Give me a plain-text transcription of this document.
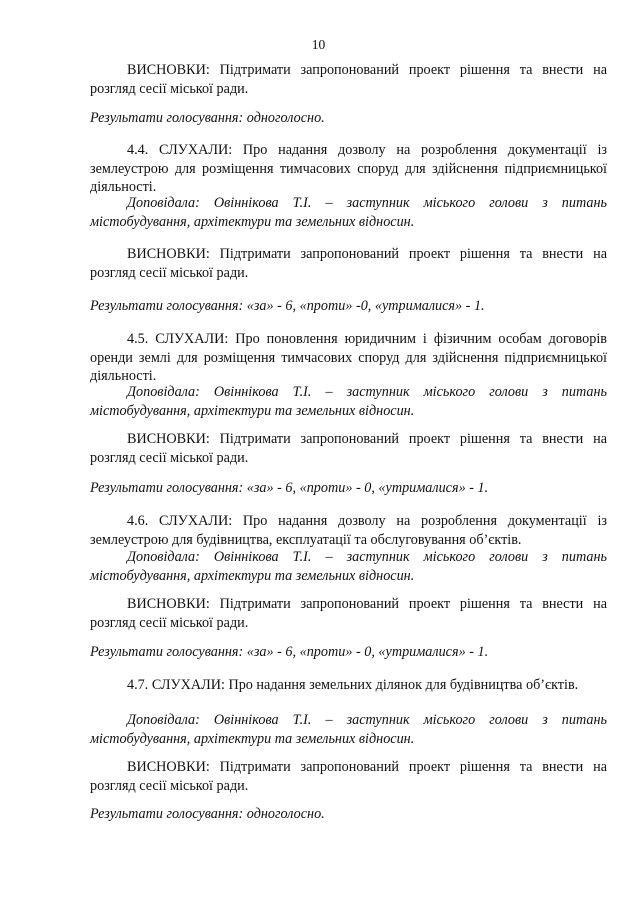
10

ВИСНОВКИ: Підтримати запропонований проект рішення та внести на розгляд сесії міської ради.

Результати голосування: одноголосно.

4.4. СЛУХАЛИ: Про надання дозволу на розроблення документації із землеустрою для розміщення тимчасових споруд для здійснення підприємницької діяльності.

Доповідала: Овіннікова Т.І. – заступник міського голови з питань містобудування, архітектури та земельних відносин.

ВИСНОВКИ: Підтримати запропонований проект рішення та внести на розгляд сесії міської ради.

Результати голосування: «за» - 6, «проти» -0, «утрималися» - 1.

4.5. СЛУХАЛИ: Про поновлення юридичним і фізичним особам договорів оренди землі для розміщення тимчасових споруд для здійснення підприємницької діяльності.

Доповідала: Овіннікова Т.І. – заступник міського голови з питань містобудування, архітектури та земельних відносин.

ВИСНОВКИ: Підтримати запропонований проект рішення та внести на розгляд сесії міської ради.

Результати голосування: «за» - 6, «проти» - 0, «утрималися» - 1.

4.6. СЛУХАЛИ: Про надання дозволу на розроблення документації із землеустрою для будівництва, експлуатації та обслуговування об’єктів.

Доповідала: Овіннікова Т.І. – заступник міського голови з питань містобудування, архітектури та земельних відносин.

ВИСНОВКИ: Підтримати запропонований проект рішення та внести на розгляд сесії міської ради.

Результати голосування: «за» - 6, «проти» - 0, «утрималися» - 1.

4.7. СЛУХАЛИ: Про надання земельних ділянок для будівництва об’єктів.

Доповідала: Овіннікова Т.І. – заступник міського голови з питань містобудування, архітектури та земельних відносин.

ВИСНОВКИ: Підтримати запропонований проект рішення та внести на розгляд сесії міської ради.

Результати голосування: одноголосно.
